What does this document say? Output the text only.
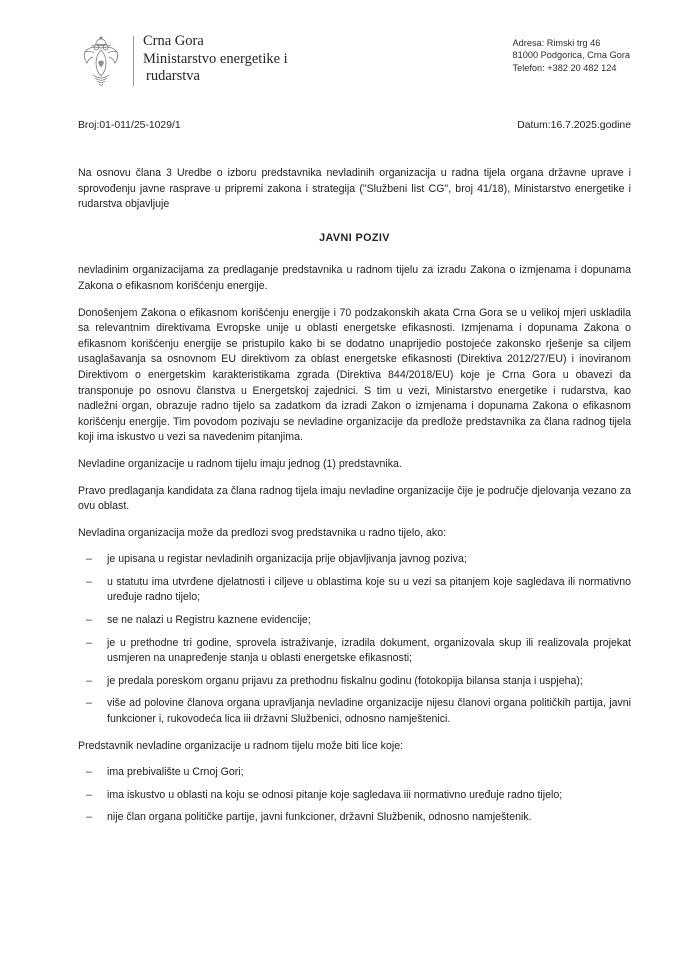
Crna Gora
Ministarstvo energetike i
rudarstva
Adresa: Rimski trg 46
81000 Podgorica, Crna Gora
Telefon: +382 20 482 124
Broj:01-011/25-1029/1	Datum:16.7.2025.godine

Na osnovu člana 3 Uredbe o izboru predstavnika nevladinih organizacija u radna tijela organa državne uprave i sprovođenju javne rasprave u pripremi zakona i strategija ("Službeni list CG", broj 41/18), Ministarstvo energetike i rudarstva objavljuje

JAVNI POZIV

nevladinim organizacijama za predlaganje predstavnika u radnom tijelu za izradu Zakona o izmjenama i dopunama Zakona o efikasnom korišćenju energije.

Donošenjem Zakona o efikasnom korišćenju energije i 70 podzakonskih akata Crna Gora se u velikoj mjeri uskladila sa relevantnim direktivama Evropske unije u oblasti energetske efikasnosti. Izmjenama i dopunama Zakona o efikasnom korišćenju energije se pristupilo kako bi se dodatno unaprijedio postojeće zakonsko rješenje sa ciljem usaglašavanja sa osnovnom EU direktivom za oblast energetske efikasnosti (Direktiva 2012/27/EU) i inoviranom Direktivom o energetskim karakteristikama zgrada (Direktiva 844/2018/EU) koje je Crna Gora u obavezi da transponuje po osnovu članstva u Energetskoj zajednici. S tim u vezi, Ministarstvo energetike i rudarstva, kao nadležni organ, obrazuje radno tijelo sa zadatkom da izradi Zakon o izmjenama i dopunama Zakona o efikasnom korišćenju energije. Tim povodom pozivaju se nevladine organizacije da predlože predstavnika za člana radnog tijela koji ima iskustvo u vezi sa navedenim pitanjima.

Nevladine organizacije u radnom tijelu imaju jednog (1) predstavnika.

Pravo predlaganja kandidata za člana radnog tijela imaju nevladine organizacije čije je područje djelovanja vezano za ovu oblast.

Nevladina organizacija može da predlozi svog predstavnika u radno tijelo, ako:

– je upisana u registar nevladinih organizacija prije objavljivanja javnog poziva;
– u statutu ima utvrđene djelatnosti i ciljeve u oblastima koje su u vezi sa pitanjem koje sagledava ili normativno uređuje radno tijelo;
– se ne nalazi u Registru kaznene evidencije;
– je u prethodne tri godine, sprovela istraživanje, izradila dokument, organizovala skup ili realizovala projekat usmjeren na unapređenje stanja u oblasti energetske efikasnosti;
– je predala poreskom organu prijavu za prethodnu fiskalnu godinu (fotokopija bilansa stanja i uspjeha);
– više ad polovine članova organa upravljanja nevladine organizacije nijesu članovi organa političkih partija, javni funkcioner i, rukovodeća lica iii državni Službenici, odnosno namještenici.

Predstavnik nevladine organizacije u radnom tijelu može biti lice koje:

– ima prebivalište u Crnoj Gori;
– ima iskustvo u oblasti na koju se odnosi pitanje koje sagledava iii normativno uređuje radno tijelo;
– nije član organa političke partije, javni funkcioner, državni Službenik, odnosno namještenik.
